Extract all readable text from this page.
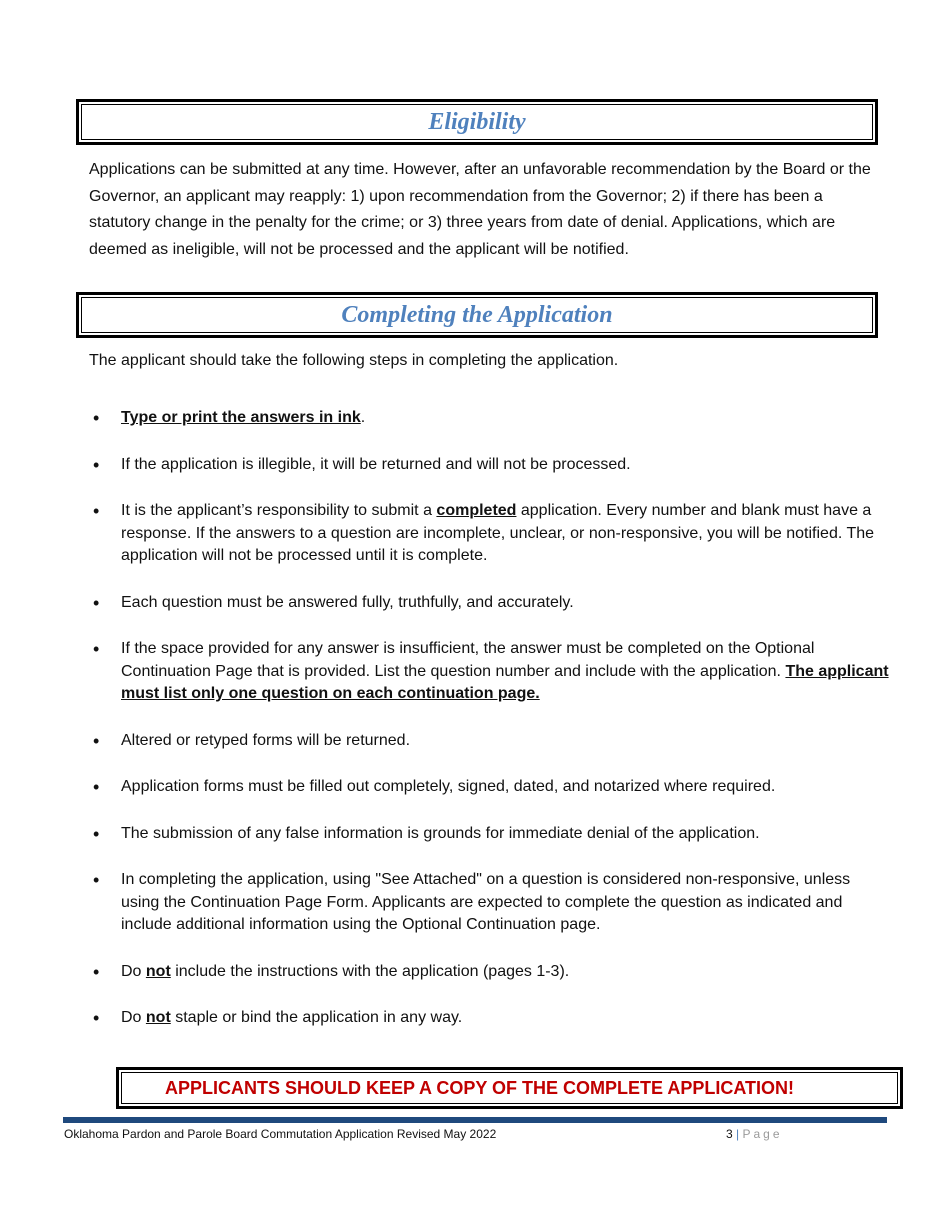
Eligibility

Applications can be submitted at any time. However, after an unfavorable recommendation by the Board or the Governor, an applicant may reapply: 1) upon recommendation from the Governor; 2) if there has been a statutory change in the penalty for the crime; or 3) three years from date of denial. Applications, which are deemed as ineligible, will not be processed and the applicant will be notified.

Completing the Application

The applicant should take the following steps in completing the application.

• Type or print the answers in ink.
• If the application is illegible, it will be returned and will not be processed.
• It is the applicant’s responsibility to submit a completed application. Every number and blank must have a response. If the answers to a question are incomplete, unclear, or non-responsive, you will be notified. The application will not be processed until it is complete.
• Each question must be answered fully, truthfully, and accurately.
• If the space provided for any answer is insufficient, the answer must be completed on the Optional Continuation Page that is provided. List the question number and include with the application. The applicant must list only one question on each continuation page.
• Altered or retyped forms will be returned.
• Application forms must be filled out completely, signed, dated, and notarized where required.
• The submission of any false information is grounds for immediate denial of the application.
• In completing the application, using "See Attached" on a question is considered non-responsive, unless using the Continuation Page Form. Applicants are expected to complete the question as indicated and include additional information using the Optional Continuation page.
• Do not include the instructions with the application (pages 1-3).
• Do not staple or bind the application in any way.
APPLICANTS SHOULD KEEP A COPY OF THE COMPLETE APPLICATION!
Oklahoma Pardon and Parole Board Commutation Application Revised May 2022	3 | Page
